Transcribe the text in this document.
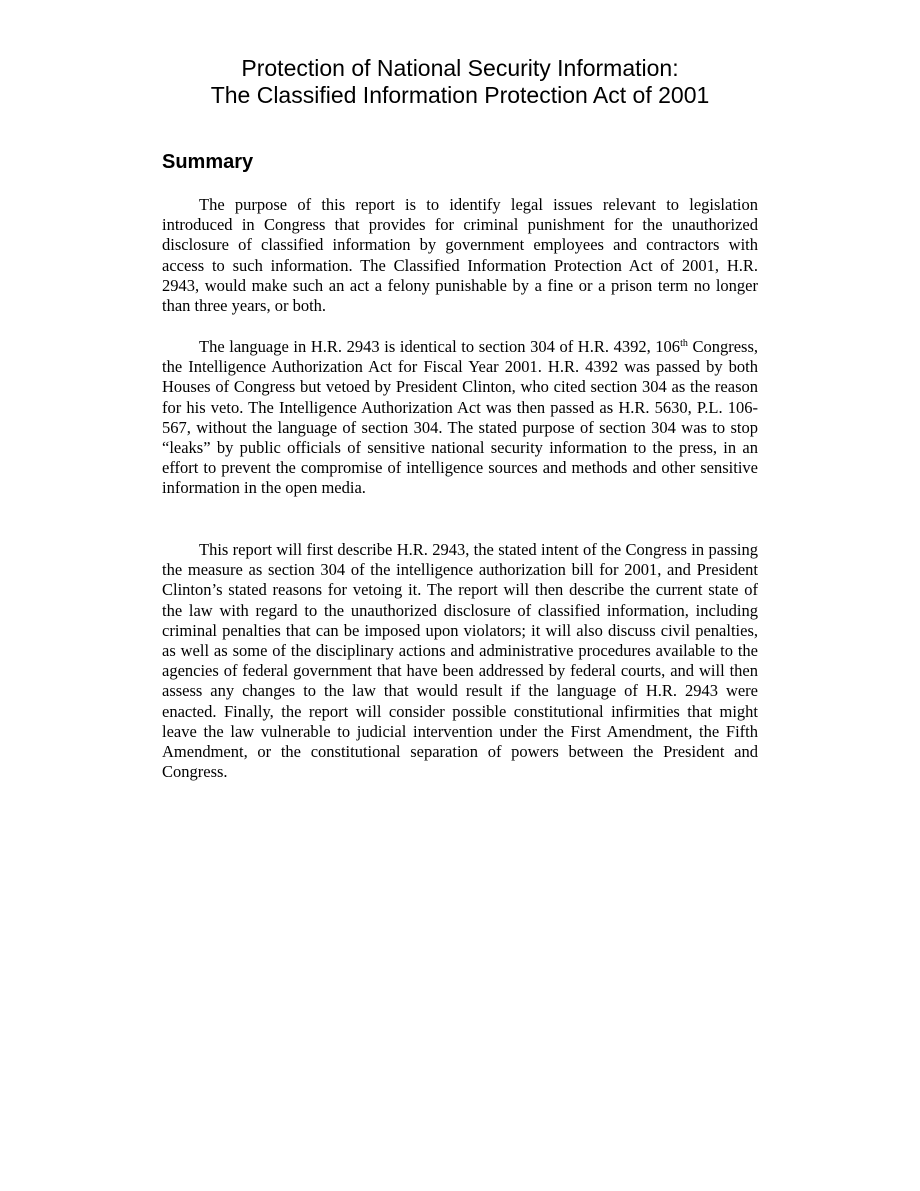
Protection of National Security Information:
The Classified Information Protection Act of 2001
Summary

The purpose of this report is to identify legal issues relevant to legislation introduced in Congress that provides for criminal punishment for the unauthorized disclosure of classified information by government employees and contractors with access to such information. The Classified Information Protection Act of 2001, H.R. 2943, would make such an act a felony punishable by a fine or a prison term no longer than three years, or both.

The language in H.R. 2943 is identical to section 304 of H.R. 4392, 106th Congress, the Intelligence Authorization Act for Fiscal Year 2001. H.R. 4392 was passed by both Houses of Congress but vetoed by President Clinton, who cited section 304 as the reason for his veto. The Intelligence Authorization Act was then passed as H.R. 5630, P.L. 106-567, without the language of section 304. The stated purpose of section 304 was to stop “leaks” by public officials of sensitive national security information to the press, in an effort to prevent the compromise of intelligence sources and methods and other sensitive information in the open media.

This report will first describe H.R. 2943, the stated intent of the Congress in passing the measure as section 304 of the intelligence authorization bill for 2001, and President Clinton’s stated reasons for vetoing it. The report will then describe the current state of the law with regard to the unauthorized disclosure of classified information, including criminal penalties that can be imposed upon violators; it will also discuss civil penalties, as well as some of the disciplinary actions and administrative procedures available to the agencies of federal government that have been addressed by federal courts, and will then assess any changes to the law that would result if the language of H.R. 2943 were enacted. Finally, the report will consider possible constitutional infirmities that might leave the law vulnerable to judicial intervention under the First Amendment, the Fifth Amendment, or the constitutional separation of powers between the President and Congress.
